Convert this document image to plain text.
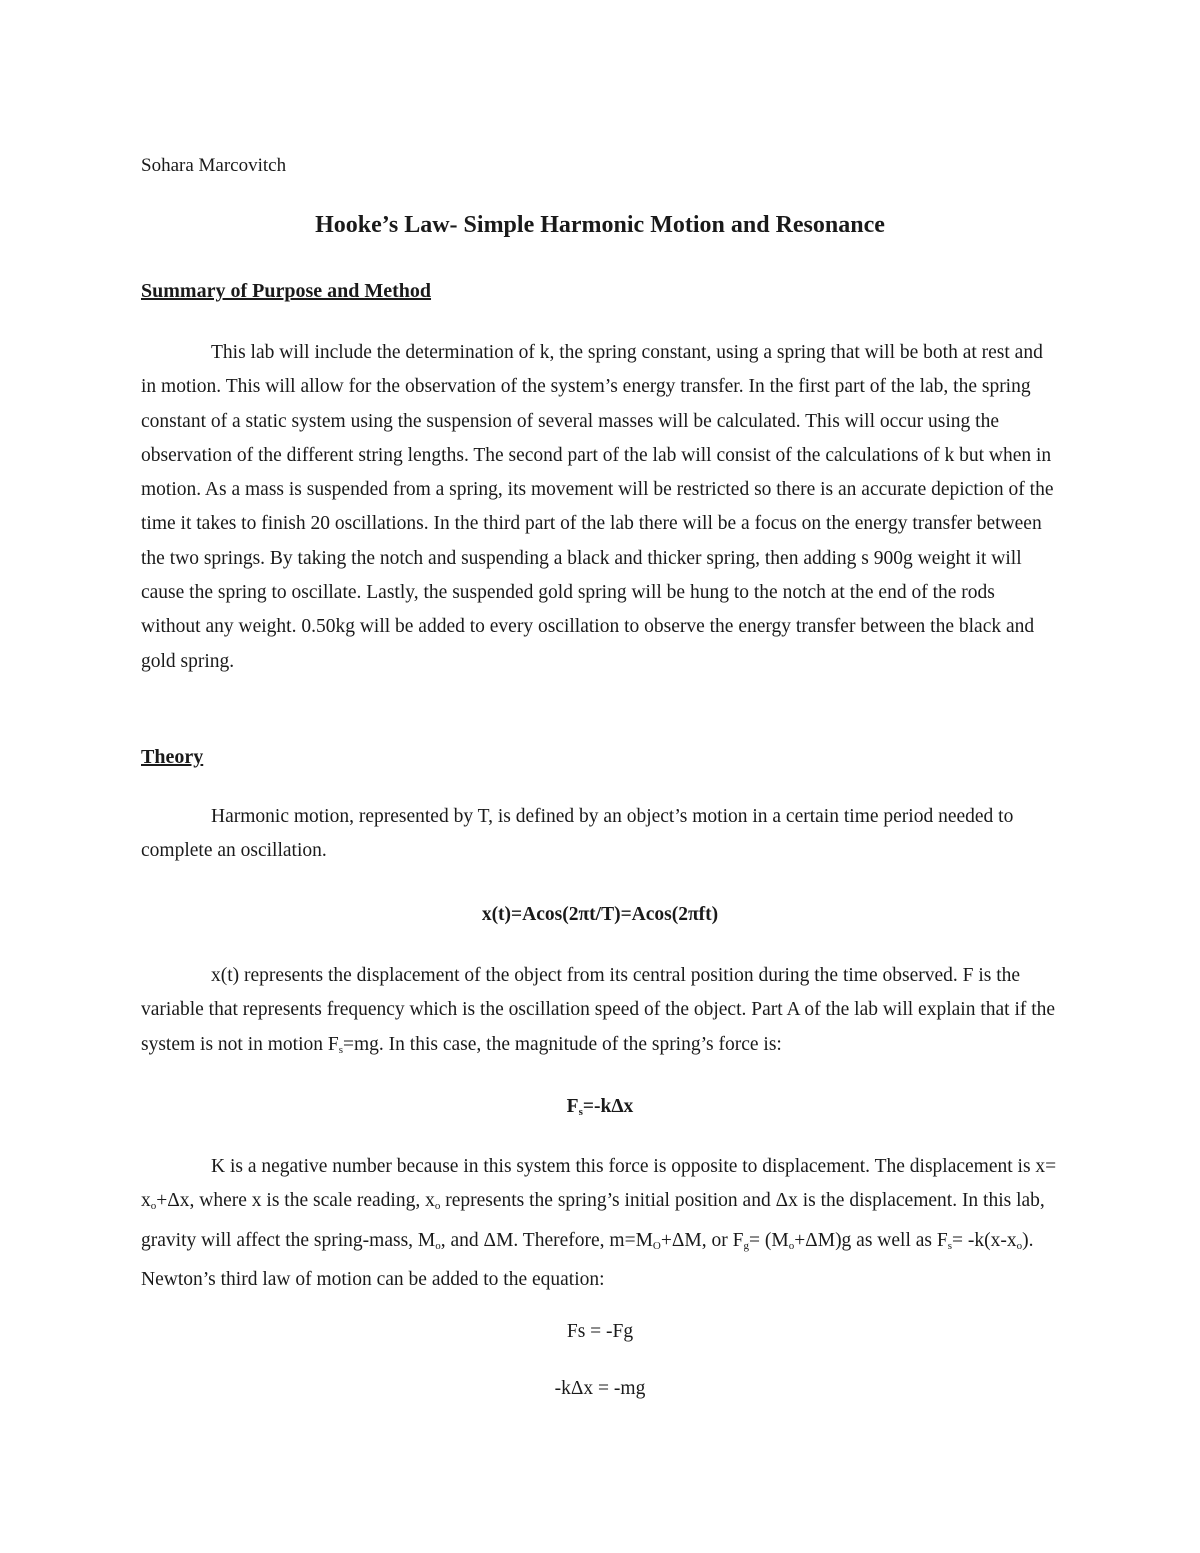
Sohara Marcovitch
Hooke’s Law- Simple Harmonic Motion and Resonance
Summary of Purpose and Method

This lab will include the determination of k, the spring constant, using a spring that will be both at rest and in motion. This will allow for the observation of the system’s energy transfer. In the first part of the lab, the spring constant of a static system using the suspension of several masses will be calculated. This will occur using the observation of the different string lengths. The second part of the lab will consist of the calculations of k but when in motion. As a mass is suspended from a spring, its movement will be restricted so there is an accurate depiction of the time it takes to finish 20 oscillations. In the third part of the lab there will be a focus on the energy transfer between the two springs. By taking the notch and suspending a black and thicker spring, then adding s 900g weight it will cause the spring to oscillate. Lastly, the suspended gold spring will be hung to the notch at the end of the rods without any weight. 0.50kg will be added to every oscillation to observe the energy transfer between the black and gold spring.

Theory

Harmonic motion, represented by T, is defined by an object’s motion in a certain time period needed to complete an oscillation.

x(t)=Acos(2πt/T)=Acos(2πft)

x(t) represents the displacement of the object from its central position during the time observed. F is the variable that represents frequency which is the oscillation speed of the object. Part A of the lab will explain that if the system is not in motion $F_s=mg$. In this case, the magnitude of the spring’s force is:

$F_s=$-kΔx

K is a negative number because in this system this force is opposite to displacement. The displacement is $x= x_o+\Delta x$, where x is the scale reading, $x_o$ represents the spring’s initial position and Δx is the displacement. In this lab, gravity will affect the spring-mass, $M_o$, and ΔM. Therefore, $m=M_O+\Delta M$, or $F_g= (M_o+\Delta M)g$ as well as $F_s= -k(x-x_o)$. Newton’s third law of motion can be added to the equation:

Fs = -Fg
-kΔx = -mg
